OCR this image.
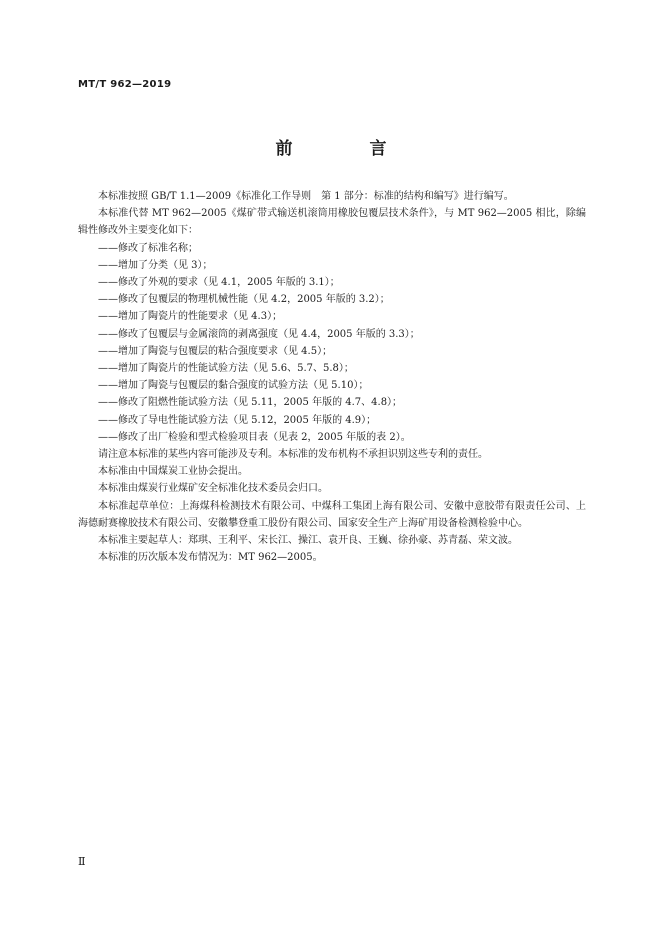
MT/T 962—2019
前　言

本标准按照 GB/T 1.1—2009《标准化工作导则　第 1 部分：标准的结构和编写》进行编写。

本标准代替 MT 962—2005《煤矿带式输送机滚筒用橡胶包覆层技术条件》，与 MT 962—2005 相比，除编辑性修改外主要变化如下：

——修改了标准名称；

——增加了分类（见 3）；

——修改了外观的要求（见 4.1，2005 年版的 3.1）；

——修改了包覆层的物理机械性能（见 4.2，2005 年版的 3.2）；

——增加了陶瓷片的性能要求（见 4.3）；

——修改了包覆层与金属滚筒的剥离强度（见 4.4，2005 年版的 3.3）；

——增加了陶瓷与包覆层的粘合强度要求（见 4.5）；

——增加了陶瓷片的性能试验方法（见 5.6、5.7、5.8）；

——增加了陶瓷与包覆层的黏合强度的试验方法（见 5.10）；

——修改了阻燃性能试验方法（见 5.11，2005 年版的 4.7、4.8）；

——修改了导电性能试验方法（见 5.12，2005 年版的 4.9）；

——修改了出厂检验和型式检验项目表（见表 2，2005 年版的表 2）。

请注意本标准的某些内容可能涉及专利。本标准的发布机构不承担识别这些专利的责任。

本标准由中国煤炭工业协会提出。

本标准由煤炭行业煤矿安全标准化技术委员会归口。

本标准起草单位：上海煤科检测技术有限公司、中煤科工集团上海有限公司、安徽中意胶带有限责任公司、上海德耐赛橡胶技术有限公司、安徽攀登重工股份有限公司、国家安全生产上海矿用设备检测检验中心。

本标准主要起草人：郑琪、王利平、宋长江、操江、袁开良、王巍、徐孙豪、苏青磊、荣文波。

本标准的历次版本发布情况为：MT 962—2005。

Ⅱ
